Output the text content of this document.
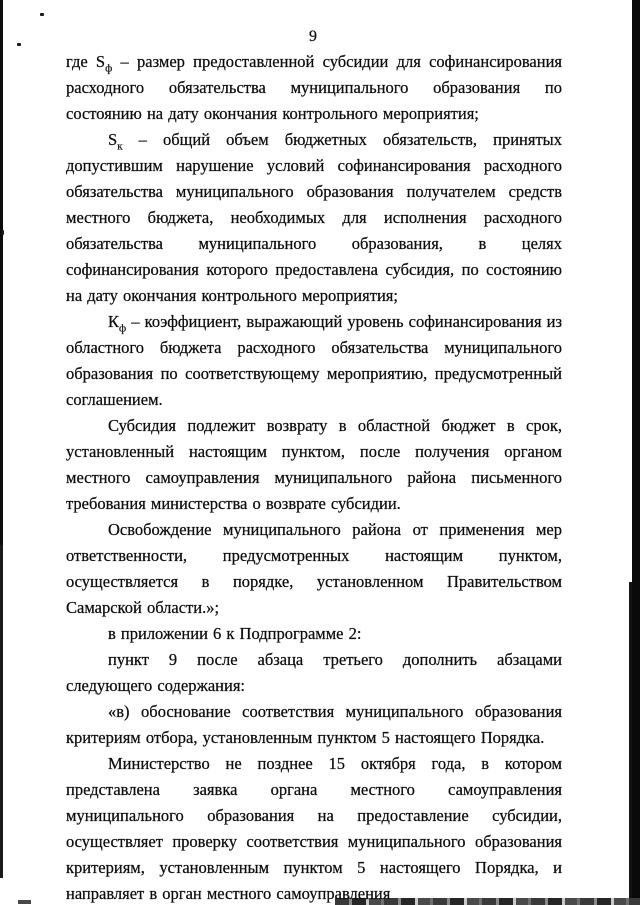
9

где $S_ф$ – размер предоставленной субсидии для софинансирования расходного обязательства муниципального образования по состоянию на дату окончания контрольного мероприятия;

$S_к$ – общий объем бюджетных обязательств, принятых допустившим нарушение условий софинансирования расходного обязательства муниципального образования получателем средств местного бюджета, необходимых для исполнения расходного обязательства муниципального образования, в целях софинансирования которого предоставлена субсидия, по состоянию на дату окончания контрольного мероприятия;

$К_ф$ – коэффициент, выражающий уровень софинансирования из областного бюджета расходного обязательства муниципального образования по соответствующему мероприятию, предусмотренный соглашением.

Субсидия подлежит возврату в областной бюджет в срок, установленный настоящим пунктом, после получения органом местного самоуправления муниципального района письменного требования министерства о возврате субсидии.

Освобождение муниципального района от применения мер ответственности, предусмотренных настоящим пунктом, осуществляется в порядке, установленном Правительством Самарской области.»;

в приложении 6 к Подпрограмме 2:

пункт 9 после абзаца третьего дополнить абзацами следующего содержания:

«в) обоснование соответствия муниципального образования критериям отбора, установленным пунктом 5 настоящего Порядка.

Министерство не позднее 15 октября года, в котором представлена заявка органа местного самоуправления муниципального образования на предоставление субсидии, осуществляет проверку соответствия муниципального образования критериям, установленным пунктом 5 настоящего Порядка, и направляет в орган местного самоуправления
